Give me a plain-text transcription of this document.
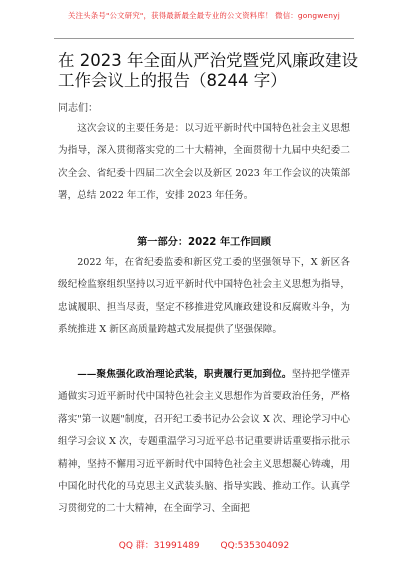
关注头条号"公文研究"，获得最新最全最专业的公文资料库！ 微信：gongwenyj
在 2023 年全面从严治党暨党风廉政建设工作会议上的报告（8244 字）
同志们：

这次会议的主要任务是：以习近平新时代中国特色社会主义思想为指导，深入贯彻落实党的二十大精神，全面贯彻十九届中央纪委二次全会、省纪委十四届二次全会以及新区 2023 年工作会议的决策部署，总结 2022 年工作，安排 2023 年任务。

第一部分：2022 年工作回顾

2022 年，在省纪委监委和新区党工委的坚强领导下，X 新区各级纪检监察组织坚持以习近平新时代中国特色社会主义思想为指导，忠诚履职、担当尽责，坚定不移推进党风廉政建设和反腐败斗争，为系统推进 X 新区高质量跨越式发展提供了坚强保障。

——聚焦强化政治理论武装，职责履行更加到位。坚持把学懂弄通做实习近平新时代中国特色社会主义思想作为首要政治任务，严格落实"第一议题"制度，召开纪工委书记办公会议 X 次、理论学习中心组学习会议 X 次，专题重温学习习近平总书记重要讲话重要指示批示精神，坚持不懈用习近平新时代中国特色社会主义思想凝心铸魂，用中国化时代化的马克思主义武装头脑、指导实践、推动工作。认真学习贯彻党的二十大精神，在全面学习、全面把

QQ 群：31991489 QQ:535304092
